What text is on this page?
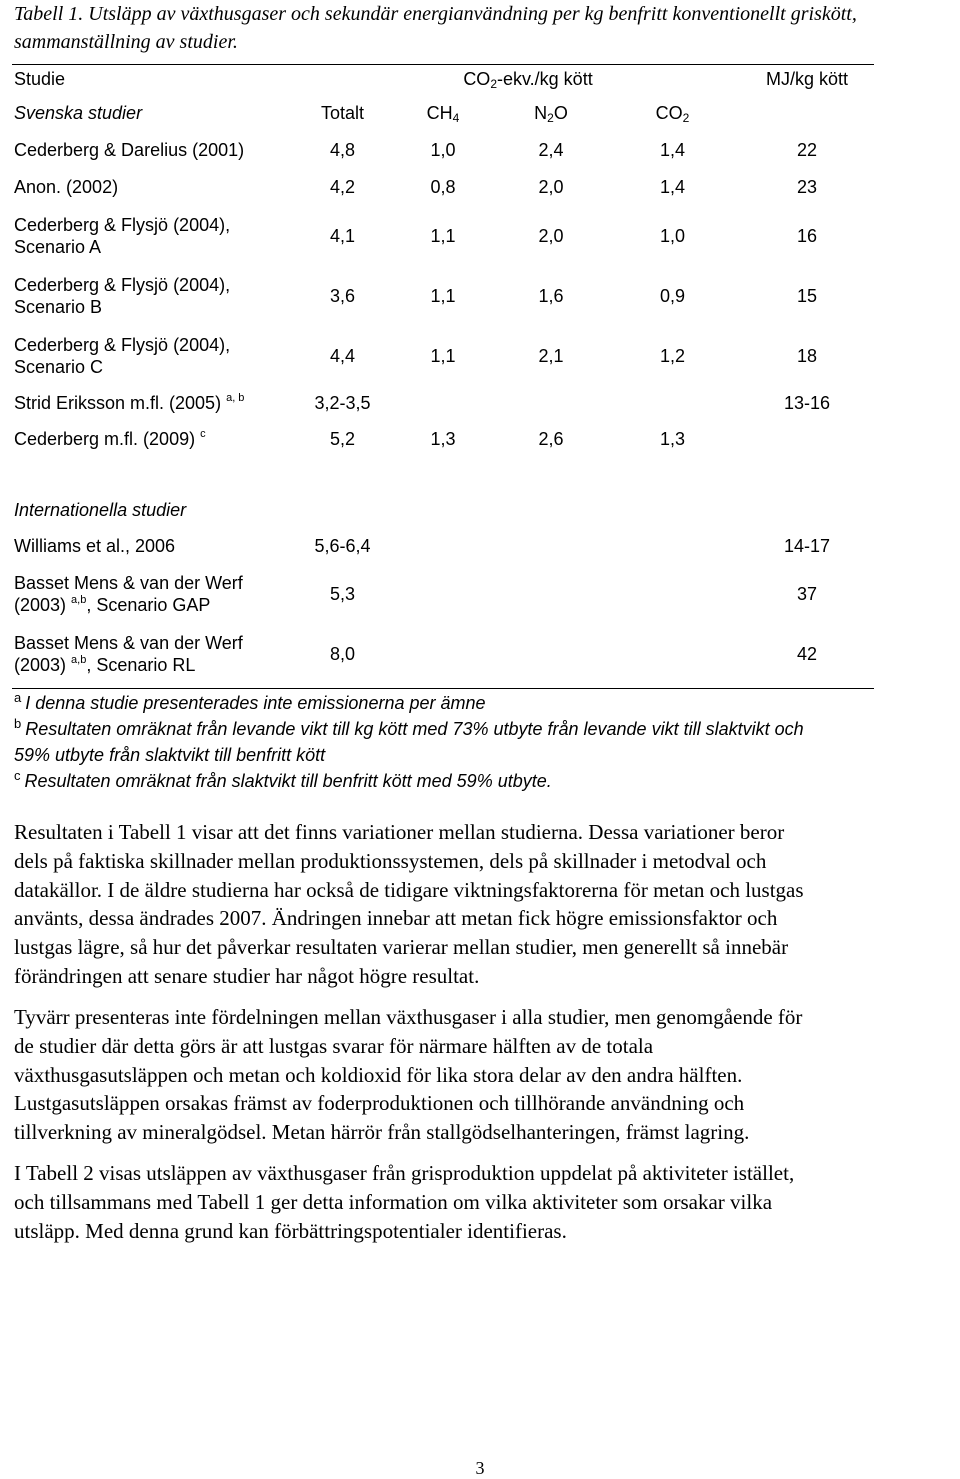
Tabell 1. Utsläpp av växthusgaser och sekundär energianvändning per kg benfritt konventionellt griskött, sammanställning av studier.
Studie	$CO_2-ekv./kg$ kött				MJ/kg kött
Svenska studier	Totalt	$CH_4$	$N_2O$	$CO_2$	
Cederberg & Darelius (2001)	4,8	1,0	2,4	1,4	22
Anon. (2002)	4,2	0,8	2,0	1,4	23
Cederberg & Flysjö (2004),
Scenario A	4,1	1,1	2,0	1,0	16
Cederberg & Flysjö (2004),
Scenario B	3,6	1,1	1,6	0,9	15
Cederberg & Flysjö (2004),
Scenario C	4,4	1,1	2,1	1,2	18
Strid Eriksson m.fl. (2005) $^{a, b}$	3,2-3,5				13-16
Cederberg m.fl. (2009) $^c$	5,2	1,3	2,6	1,3	

Internationella studier					
Williams et al., 2006	5,6-6,4				14-17
Basset Mens & van der Werf
(2003) $^{a,b}$, Scenario GAP	5,3				37
Basset Mens & van der Werf
(2003) $^{a,b}$, Scenario RL	8,0				42
$^a$ I denna studie presenterades inte emissionerna per ämne
$^b$ Resultaten omräknat från levande vikt till kg kött med 73% utbyte från levande vikt till slaktvikt och
59% utbyte från slaktvikt till benfritt kött
$^c$ Resultaten omräknat från slaktvikt till benfritt kött med 59% utbyte.
Resultaten i Tabell 1 visar att det finns variationer mellan studierna. Dessa variationer beror
dels på faktiska skillnader mellan produktionssystemen, dels på skillnader i metodval och
datakällor. I de äldre studierna har också de tidigare viktningsfaktorerna för metan och lustgas
använts, dessa ändrades 2007. Ändringen innebar att metan fick högre emissionsfaktor och
lustgas lägre, så hur det påverkar resultaten varierar mellan studier, men generellt så innebär
förändringen att senare studier har något högre resultat.
Tyvärr presenteras inte fördelningen mellan växthusgaser i alla studier, men genomgående för
de studier där detta görs är att lustgas svarar för närmare hälften av de totala
växthusgasutsläppen och metan och koldioxid för lika stora delar av den andra hälften.
Lustgasutsläppen orsakas främst av foderproduktionen och tillhörande användning och
tillverkning av mineralgödsel. Metan härrör från stallgödselhanteringen, främst lagring.
I Tabell 2 visas utsläppen av växthusgaser från grisproduktion uppdelat på aktiviteter istället,
och tillsammans med Tabell 1 ger detta information om vilka aktiviteter som orsakar vilka
utsläpp. Med denna grund kan förbättringspotentialer identifieras.
3
